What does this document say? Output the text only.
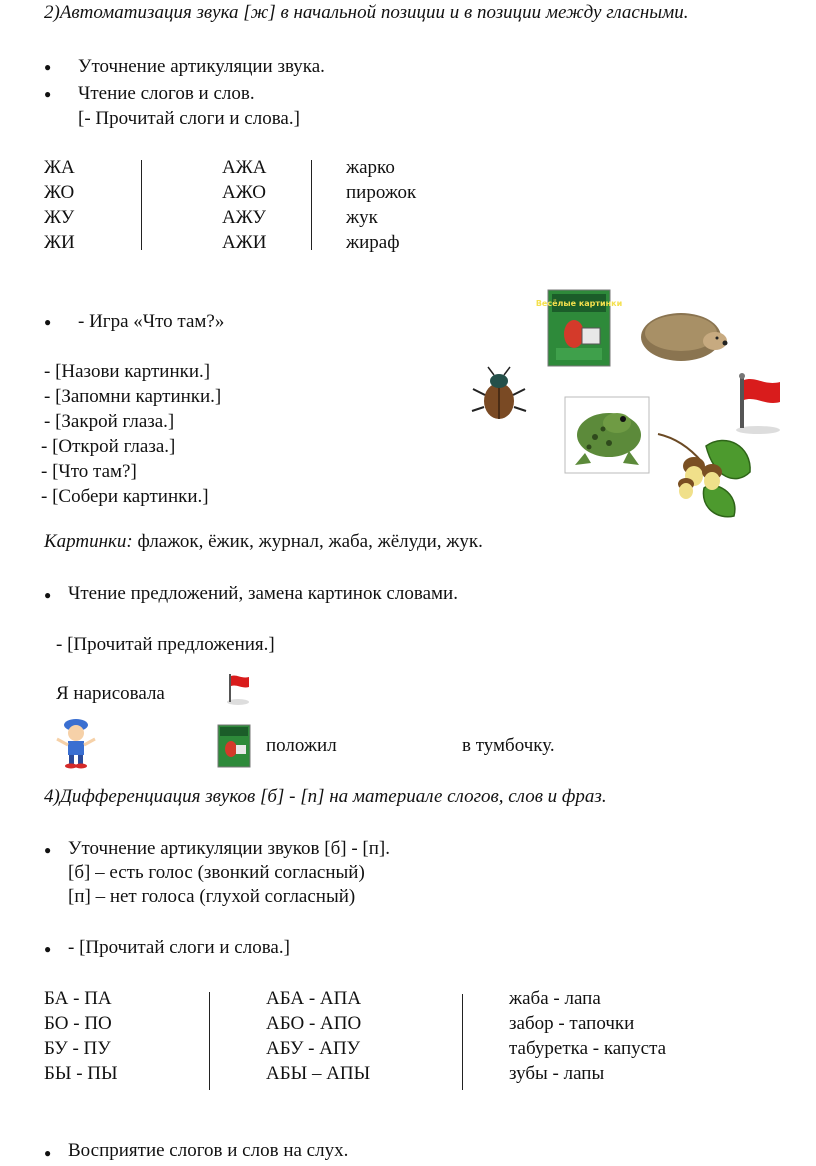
2)Автоматизация звука [ж] в начальной позиции и в позиции между гласными.
● Уточнение артикуляции звука.
● Чтение слогов и слов.
[- Прочитай слоги и слова.]
ЖА
ЖО
ЖУ
ЖИ
АЖА
АЖО
АЖУ
АЖИ
жарко
пирожок
жук
жираф
● - Игра «Что там?»
- [Назови картинки.]
- [Запомни картинки.]
- [Закрой глаза.]
- [Открой глаза.]
- [Что там?]
- [Собери картинки.]
Весёлые картинки
Картинки: флажок, ёжик, журнал, жаба, жёлуди, жук.
● Чтение предложений, замена картинок словами.
- [Прочитай предложения.]
Я нарисовала
положил	в тумбочку.
4)Дифференциация звуков [б] - [п] на материале слогов, слов и фраз.
● Уточнение артикуляции звуков [б] - [п].
[б] – есть голос (звонкий согласный)
[п] – нет голоса (глухой согласный)
● - [Прочитай слоги и слова.]
БА - ПА
БО - ПО
БУ - ПУ
БЫ - ПЫ
АБА - АПА
АБО - АПО
АБУ - АПУ
АБЫ – АПЫ
жаба - лапа
забор - тапочки
табуретка - капуста
зубы - лапы
● Восприятие слогов и слов на слух.
